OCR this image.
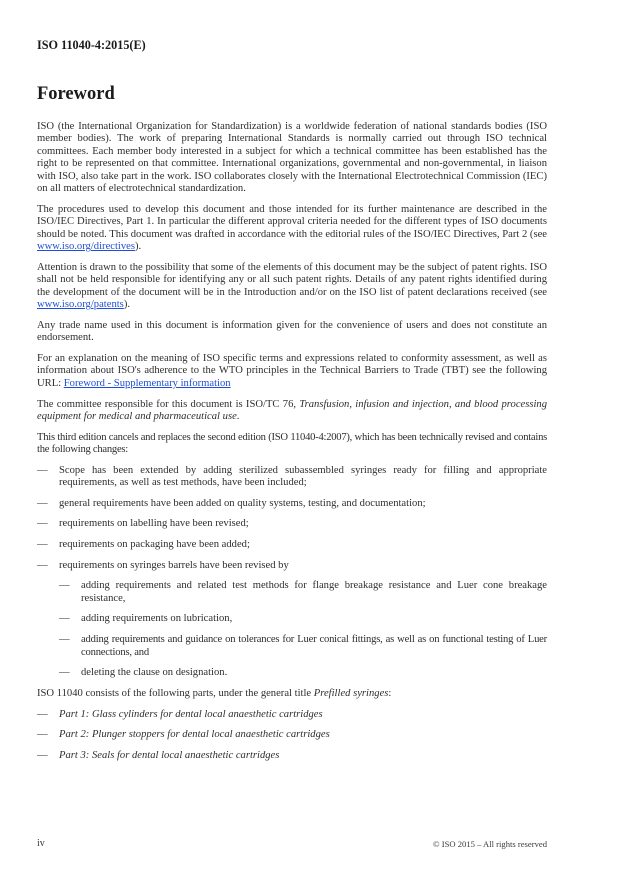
ISO 11040-4:2015(E)
Foreword

ISO (the International Organization for Standardization) is a worldwide federation of national standards bodies (ISO member bodies). The work of preparing International Standards is normally carried out through ISO technical committees. Each member body interested in a subject for which a technical committee has been established has the right to be represented on that committee. International organizations, governmental and non-governmental, in liaison with ISO, also take part in the work. ISO collaborates closely with the International Electrotechnical Commission (IEC) on all matters of electrotechnical standardization.

The procedures used to develop this document and those intended for its further maintenance are described in the ISO/IEC Directives, Part 1. In particular the different approval criteria needed for the different types of ISO documents should be noted. This document was drafted in accordance with the editorial rules of the ISO/IEC Directives, Part 2 (see www.iso.org/directives).

Attention is drawn to the possibility that some of the elements of this document may be the subject of patent rights. ISO shall not be held responsible for identifying any or all such patent rights. Details of any patent rights identified during the development of the document will be in the Introduction and/or on the ISO list of patent declarations received (see www.iso.org/patents).

Any trade name used in this document is information given for the convenience of users and does not constitute an endorsement.

For an explanation on the meaning of ISO specific terms and expressions related to conformity assessment, as well as information about ISO's adherence to the WTO principles in the Technical Barriers to Trade (TBT) see the following URL: Foreword - Supplementary information

The committee responsible for this document is ISO/TC 76, Transfusion, infusion and injection, and blood processing equipment for medical and pharmaceutical use.

This third edition cancels and replaces the second edition (ISO 11040-4:2007), which has been technically revised and contains the following changes:

— Scope has been extended by adding sterilized subassembled syringes ready for filling and appropriate requirements, as well as test methods, have been included;
— general requirements have been added on quality systems, testing, and documentation;
— requirements on labelling have been revised;
— requirements on packaging have been added;
— requirements on syringes barrels have been revised by
— adding requirements and related test methods for flange breakage resistance and Luer cone breakage resistance,
— adding requirements on lubrication,
— adding requirements and guidance on tolerances for Luer conical fittings, as well as on functional testing of Luer connections, and
— deleting the clause on designation.

ISO 11040 consists of the following parts, under the general title Prefilled syringes:

— Part 1: Glass cylinders for dental local anaesthetic cartridges
— Part 2: Plunger stoppers for dental local anaesthetic cartridges
— Part 3: Seals for dental local anaesthetic cartridges
iv	© ISO 2015 – All rights reserved
